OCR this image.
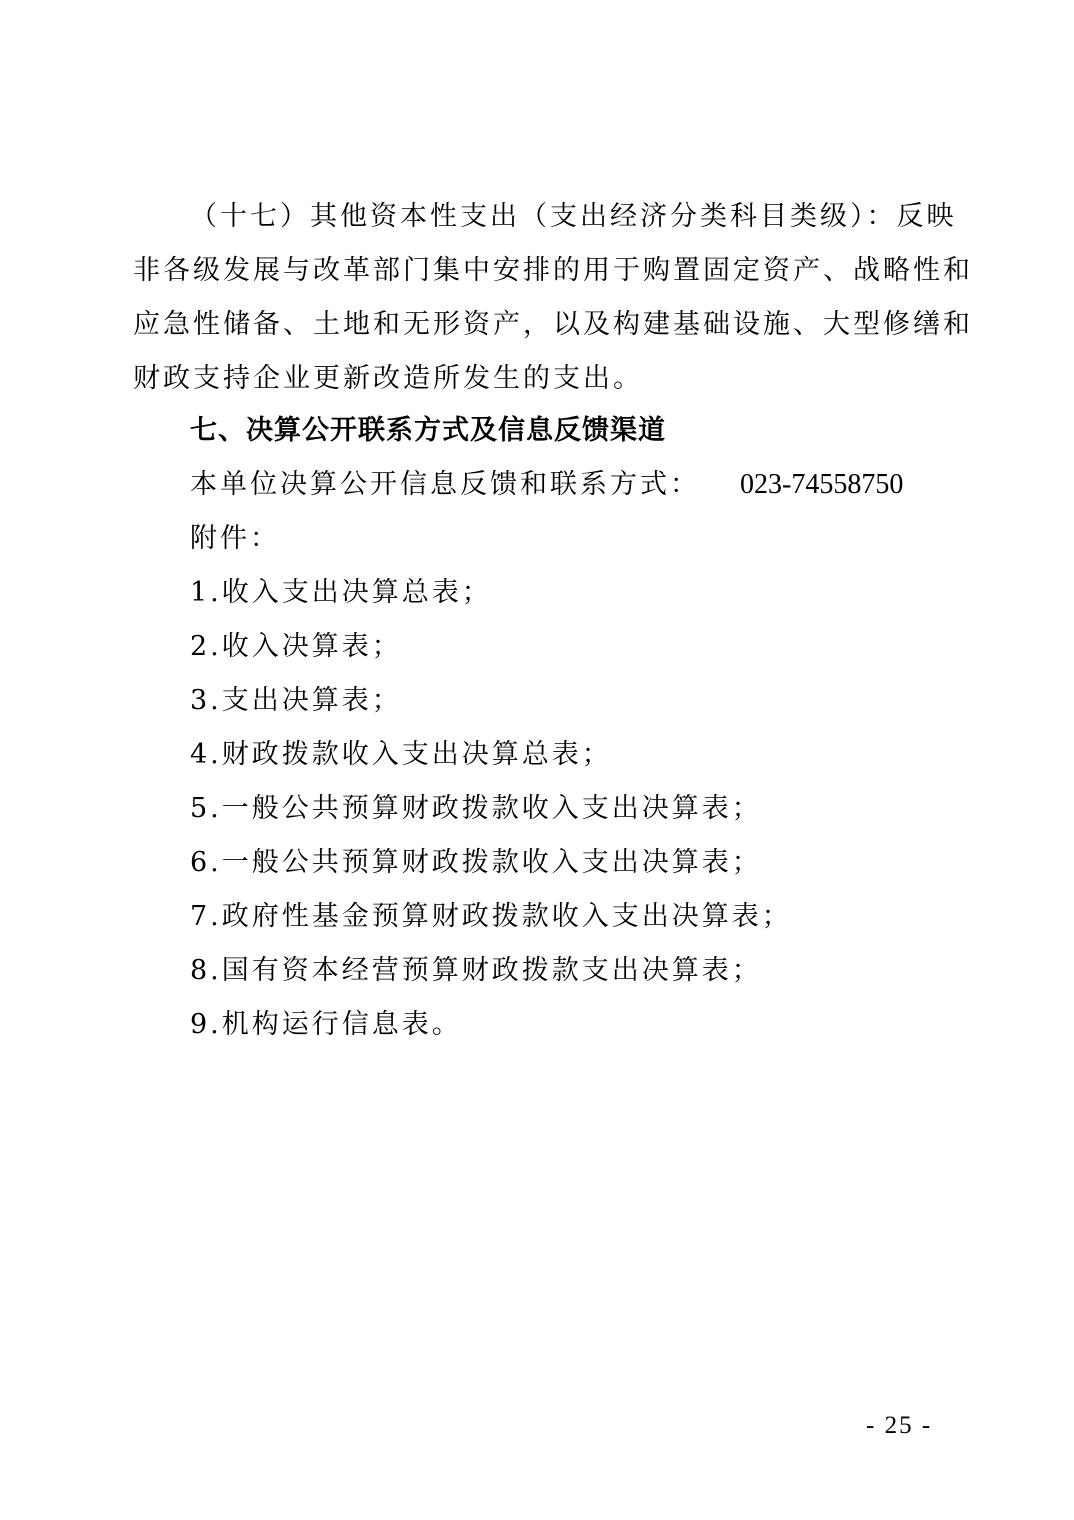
（十七）其他资本性支出（支出经济分类科目类级）：反映

非各级发展与改革部门集中安排的用于购置固定资产、战略性和

应急性储备、土地和无形资产，以及构建基础设施、大型修缮和

财政支持企业更新改造所发生的支出。

七、决算公开联系方式及信息反馈渠道

本单位决算公开信息反馈和联系方式： 023-74558750

附件：

1.收入支出决算总表；

2.收入决算表；

3.支出决算表；

4.财政拨款收入支出决算总表；

5.一般公共预算财政拨款收入支出决算表；

6.一般公共预算财政拨款收入支出决算表；

7.政府性基金预算财政拨款收入支出决算表；

8.国有资本经营预算财政拨款支出决算表；

9.机构运行信息表。

- 25 -
